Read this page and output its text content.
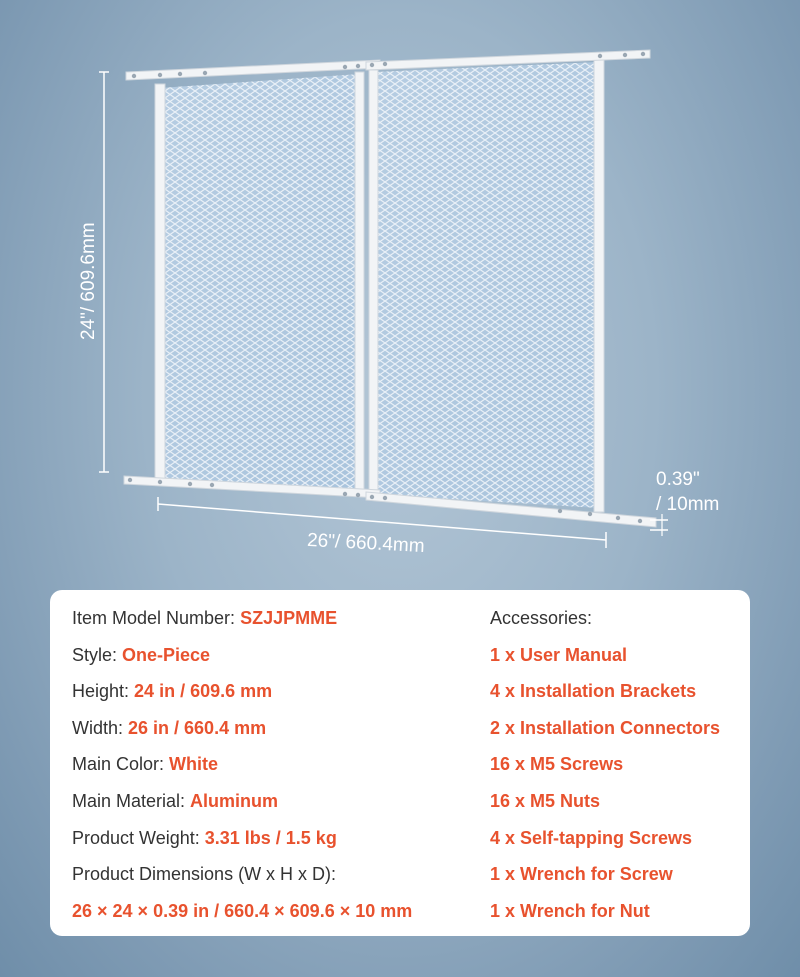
24"/ 609.6mm
26"/ 660.4mm
0.39"
/ 10mm
Item Model Number: SZJJPMME
Style: One-Piece
Height: 24 in / 609.6 mm
Width: 26 in / 660.4 mm
Main Color: White
Main Material: Aluminum
Product Weight: 3.31 lbs / 1.5 kg
Product Dimensions (W x H x D):
26 × 24 × 0.39 in / 660.4 × 609.6 × 10 mm
Accessories:
1 x User Manual
4 x Installation Brackets
2 x Installation Connectors
16 x M5 Screws
16 x M5 Nuts
4 x Self-tapping Screws
1 x Wrench for Screw
1 x Wrench for Nut
